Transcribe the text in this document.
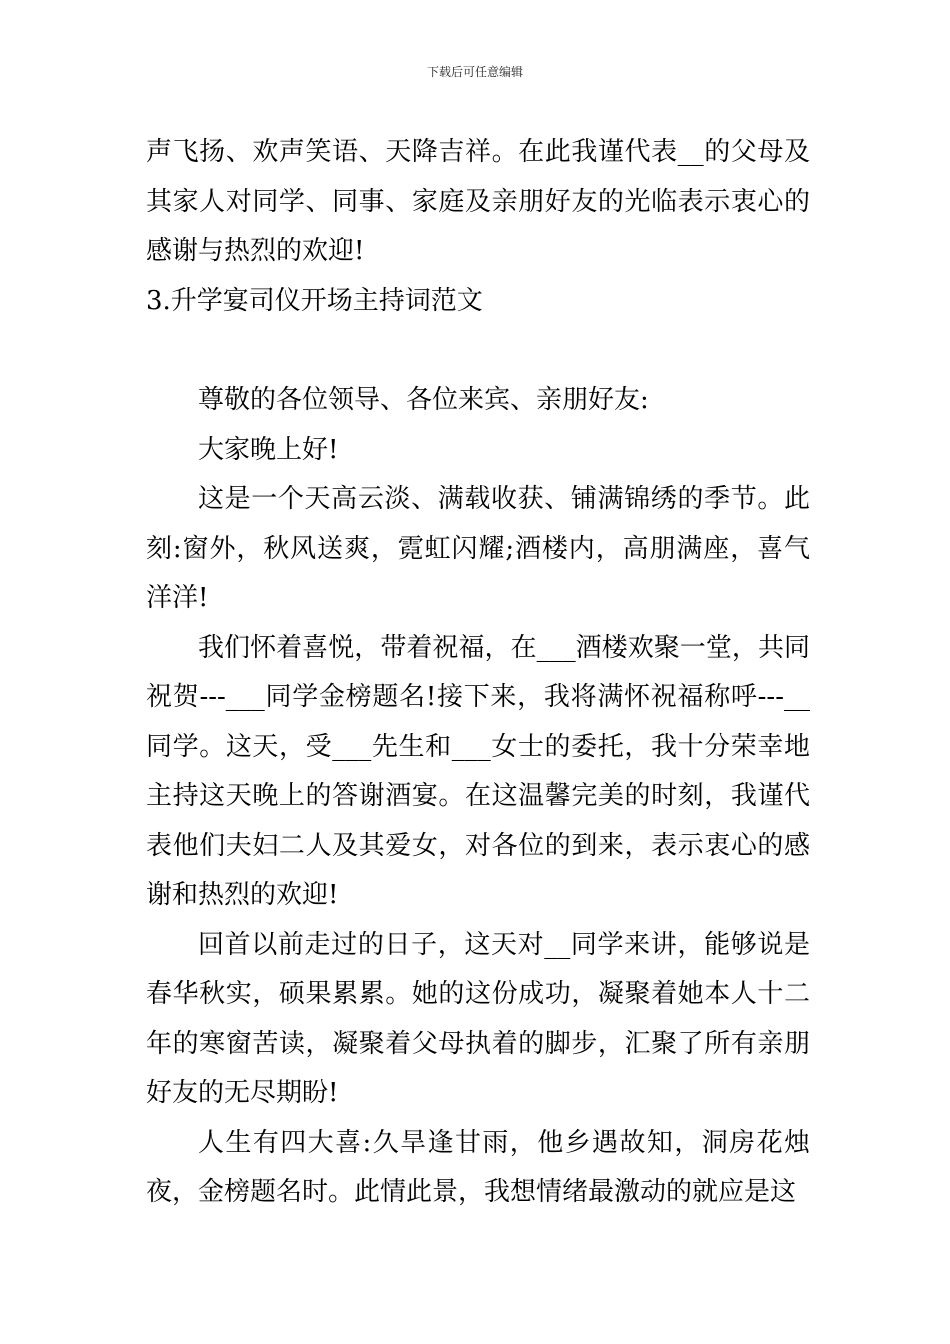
下载后可任意编辑

声飞扬、欢声笑语、天降吉祥。在此我谨代表__的父母及其家人对同学、同事、家庭及亲朋好友的光临表示衷心的感谢与热烈的欢迎!

3.升学宴司仪开场主持词范文

尊敬的各位领导、各位来宾、亲朋好友:

大家晚上好!

这是一个天高云淡、满载收获、铺满锦绣的季节。此刻:窗外，秋风送爽，霓虹闪耀;酒楼内，高朋满座，喜气洋洋!

我们怀着喜悦，带着祝福，在___酒楼欢聚一堂，共同祝贺---___同学金榜题名!接下来，我将满怀祝福称呼---__同学。这天，受___先生和___女士的委托，我十分荣幸地主持这天晚上的答谢酒宴。在这温馨完美的时刻，我谨代表他们夫妇二人及其爱女，对各位的到来，表示衷心的感谢和热烈的欢迎!

回首以前走过的日子，这天对__同学来讲，能够说是春华秋实，硕果累累。她的这份成功，凝聚着她本人十二年的寒窗苦读，凝聚着父母执着的脚步，汇聚了所有亲朋好友的无尽期盼!

人生有四大喜:久旱逢甘雨，他乡遇故知，洞房花烛夜，金榜题名时。此情此景，我想情绪最激动的就应是这
